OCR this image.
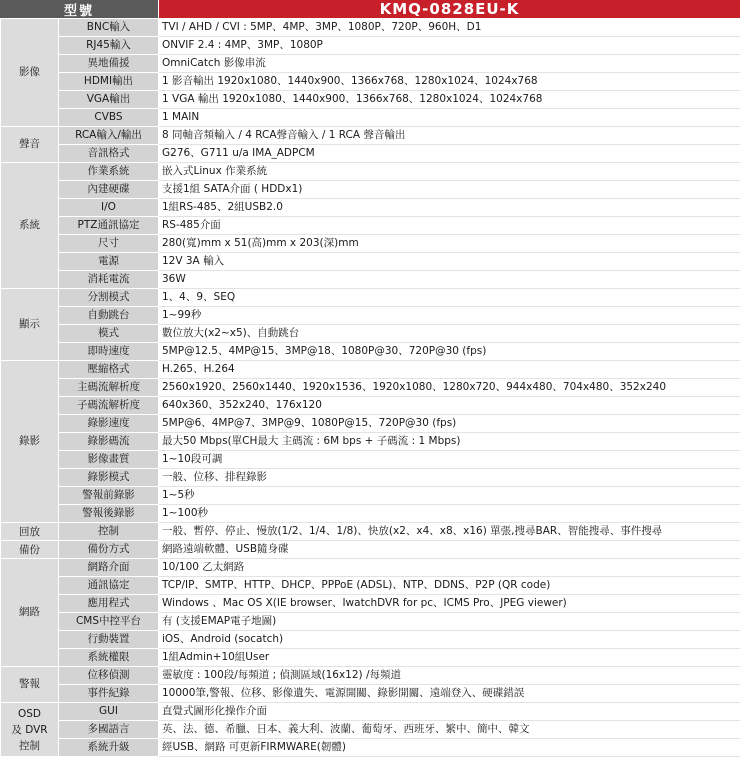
型號	KMQ-0828EU-K
影像	BNC輸入	TVI / AHD / CVI : 5MP、4MP、3MP、1080P、720P、960H、D1
	RJ45輸入	ONVIF 2.4 : 4MP、3MP、1080P
	異地備援	OmniCatch 影像串流
	HDMI輸出	1 影音輸出 1920x1080、1440x900、1366x768、1280x1024、1024x768
	VGA輸出	1 VGA 輸出 1920x1080、1440x900、1366x768、1280x1024、1024x768
	CVBS	1 MAIN
聲音	RCA輸入/輸出	8 同軸音頻輸入 / 4 RCA聲音輸入 / 1 RCA 聲音輸出
	音訊格式	G276、G711 u/a IMA_ADPCM
系統	作業系統	嵌入式Linux 作業系統
	內建硬碟	支援1組 SATA介面 ( HDDx1)
	I/O	1組RS-485、2組USB2.0
	PTZ通訊協定	RS-485介面
	尺寸	280(寬)mm x 51(高)mm x 203(深)mm
	電源	12V 3A 輸入
	消耗電流	36W
顯示	分割模式	1、4、9、SEQ
	自動跳台	1~99秒
	模式	數位放大(x2~x5)、自動跳台
	即時速度	5MP@12.5、4MP@15、3MP@18、1080P@30、720P@30 (fps)
錄影	壓縮格式	H.265、H.264
	主碼流解析度	2560x1920、2560x1440、1920x1536、1920x1080、1280x720、944x480、704x480、352x240
	子碼流解析度	640x360、352x240、176x120
	錄影速度	5MP@6、4MP@7、3MP@9、1080P@15、720P@30 (fps)
	錄影碼流	最大50 Mbps(單CH最大 主碼流 : 6M bps + 子碼流 : 1 Mbps)
	影像畫質	1~10段可調
	錄影模式	一般、位移、排程錄影
	警報前錄影	1~5秒
	警報後錄影	1~100秒
回放	控制	一般、暫停、停止、慢放(1/2、1/4、1/8)、快放(x2、x4、x8、x16) 單張,搜尋BAR、智能搜尋、事件搜尋
備份	備份方式	網路遠端軟體、USB隨身碟
網路	網路介面	10/100 乙太網路
	通訊協定	TCP/IP、SMTP、HTTP、DHCP、PPPoE (ADSL)、NTP、DDNS、P2P (QR code)
	應用程式	Windows 、Mac OS X(IE browser、IwatchDVR for pc、ICMS Pro、JPEG viewer)
	CMS中控平台	有 (支援EMAP電子地圖)
	行動裝置	iOS、Android (socatch)
	系統權限	1組Admin+10組User
警報	位移偵測	靈敏度 : 100段/每頻道 ; 偵測區域(16x12) /每頻道
	事件紀錄	10000筆,警報、位移、影像遺失、電源開關、錄影開關、遠端登入、硬碟錯誤
OSD
及 DVR
控制	GUI	直覺式圖形化操作介面
	多國語言	英、法、德、希臘、日本、義大利、波蘭、葡萄牙、西班牙、繁中、簡中、韓文
	系統升級	經USB、網路 可更新FIRMWARE(韌體)
